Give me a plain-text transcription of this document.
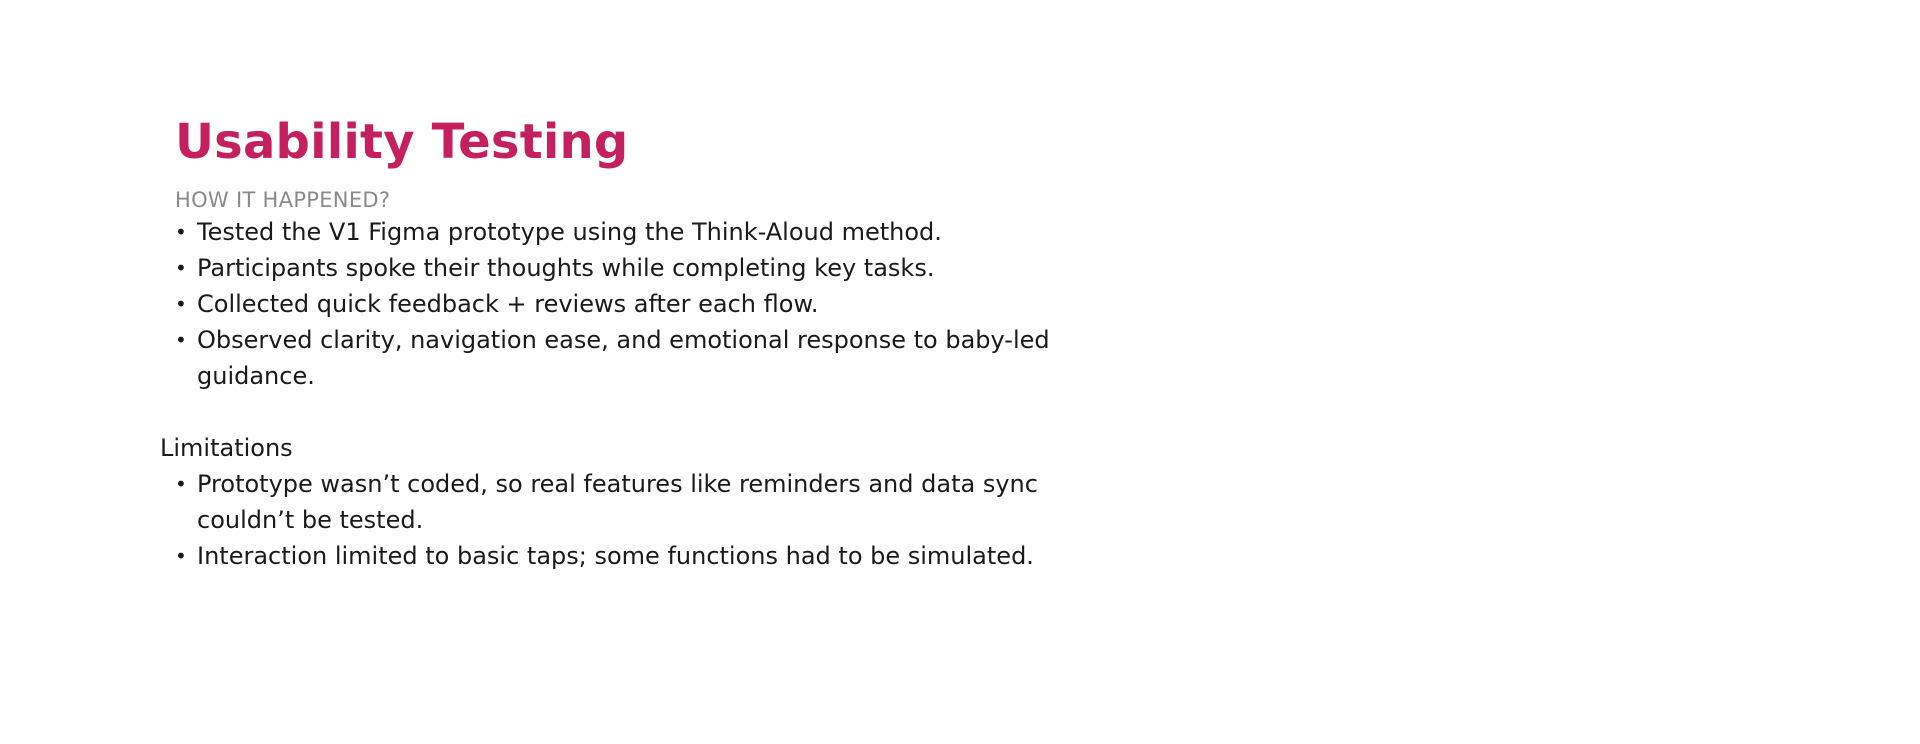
Usability Testing
HOW IT HAPPENED?
• Tested the V1 Figma prototype using the Think-Aloud method.
• Participants spoke their thoughts while completing key tasks.
• Collected quick feedback + reviews after each flow.
• Observed clarity, navigation ease, and emotional response to baby-led guidance.
Limitations
• Prototype wasn’t coded, so real features like reminders and data sync couldn’t be tested.
• Interaction limited to basic taps; some functions had to be simulated.
